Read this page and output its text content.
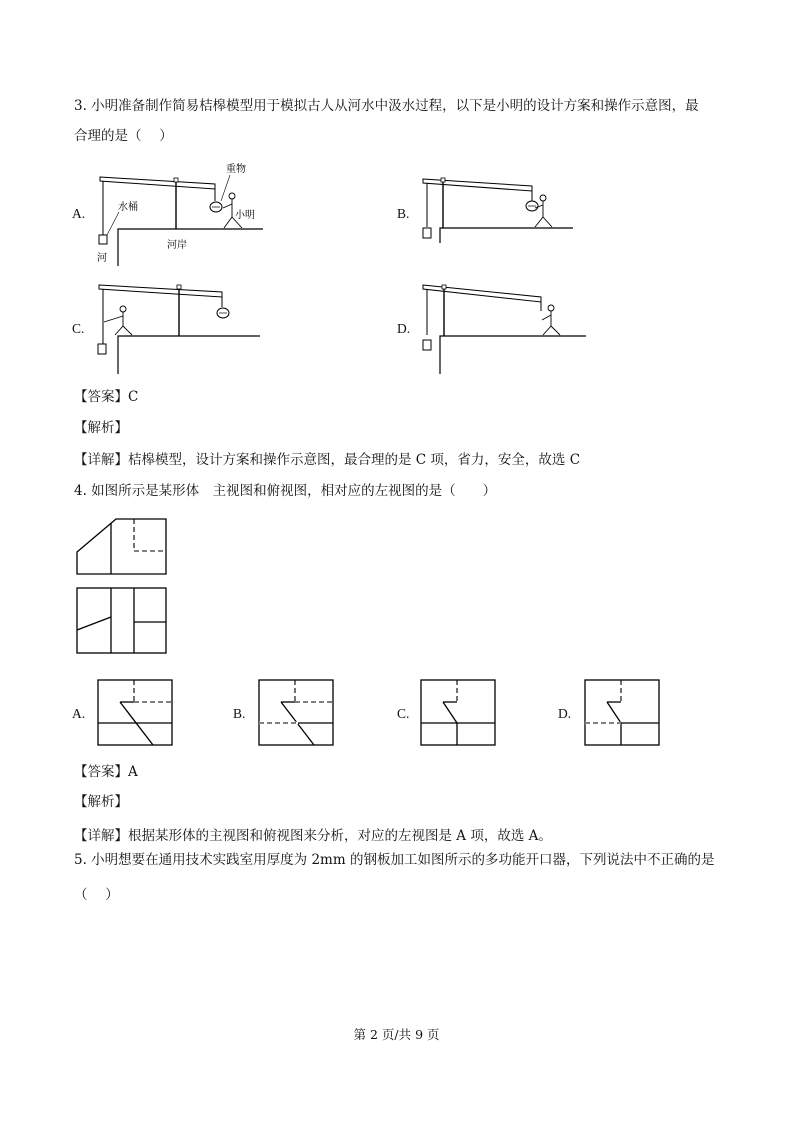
3. 小明准备制作简易桔槔模型用于模拟古人从河水中汲水过程，以下是小明的设计方案和操作示意图，最
合理的是（　 ）
A.
重物
水桶
小明
河岸
河
B.
C.	D.
【答案】C
【解析】
【详解】桔槔模型，设计方案和操作示意图，最合理的是 C 项，省力，安全，故选 C
4. 如图所示是某形体　主视图和俯视图，相对应的左视图的是（　　）
A.	B.	C.	D.
【答案】A
【解析】
【详解】根据某形体的主视图和俯视图来分析，对应的左视图是 A 项，故选 A。
5. 小明想要在通用技术实践室用厚度为 2mm 的钢板加工如图所示的多功能开口器，下列说法中不正确的是
（　 ）
第 2 页/共 9 页
